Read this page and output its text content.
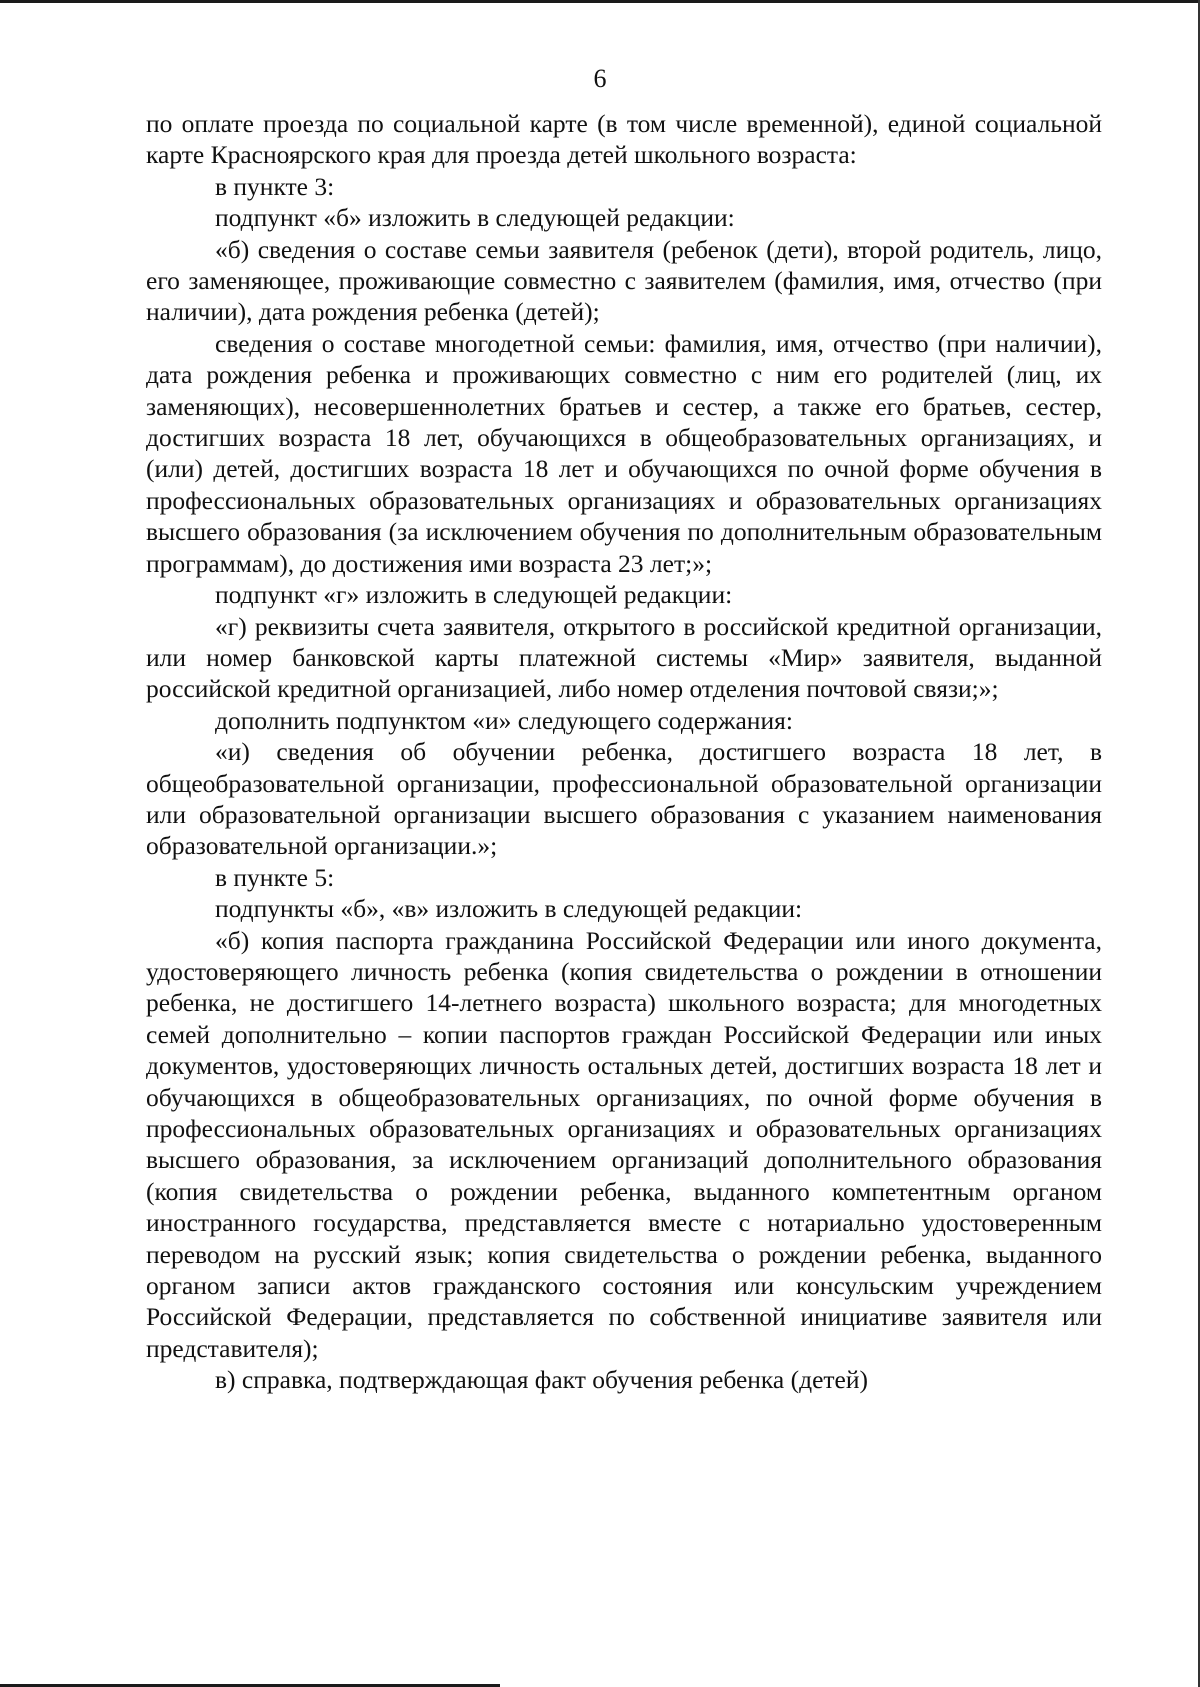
6

по оплате проезда по социальной карте (в том числе временной), единой социальной карте Красноярского края для проезда детей школьного возраста:

в пункте 3:

подпункт «б» изложить в следующей редакции:

«б) сведения о составе семьи заявителя (ребенок (дети), второй родитель, лицо, его заменяющее, проживающие совместно с заявителем (фамилия, имя, отчество (при наличии), дата рождения ребенка (детей);

сведения о составе многодетной семьи: фамилия, имя, отчество (при наличии), дата рождения ребенка и проживающих совместно с ним его родителей (лиц, их заменяющих), несовершеннолетних братьев и сестер, а также его братьев, сестер, достигших возраста 18 лет, обучающихся в общеобразовательных организациях, и (или) детей, достигших возраста 18 лет и обучающихся по очной форме обучения в профессиональных образовательных организациях и образовательных организациях высшего образования (за исключением обучения по дополнительным образовательным программам), до достижения ими возраста 23 лет;»;

подпункт «г» изложить в следующей редакции:

«г) реквизиты счета заявителя, открытого в российской кредитной организации, или номер банковской карты платежной системы «Мир» заявителя, выданной российской кредитной организацией, либо номер отделения почтовой связи;»;

дополнить подпунктом «и» следующего содержания:

«и) сведения об обучении ребенка, достигшего возраста 18 лет, в общеобразовательной организации, профессиональной образовательной организации или образовательной организации высшего образования с указанием наименования образовательной организации.»;

в пункте 5:

подпункты «б», «в» изложить в следующей редакции:

«б) копия паспорта гражданина Российской Федерации или иного документа, удостоверяющего личность ребенка (копия свидетельства о рождении в отношении ребенка, не достигшего 14-летнего возраста) школьного возраста; для многодетных семей дополнительно – копии паспортов граждан Российской Федерации или иных документов, удостоверяющих личность остальных детей, достигших возраста 18 лет и обучающихся в общеобразовательных организациях, по очной форме обучения в профессиональных образовательных организациях и образовательных организациях высшего образования, за исключением организаций дополнительного образования (копия свидетельства о рождении ребенка, выданного компетентным органом иностранного государства, представляется вместе с нотариально удостоверенным переводом на русский язык; копия свидетельства о рождении ребенка, выданного органом записи актов гражданского состояния или консульским учреждением Российской Федерации, представляется по собственной инициативе заявителя или представителя);

в) справка, подтверждающая факт обучения ребенка (детей)
